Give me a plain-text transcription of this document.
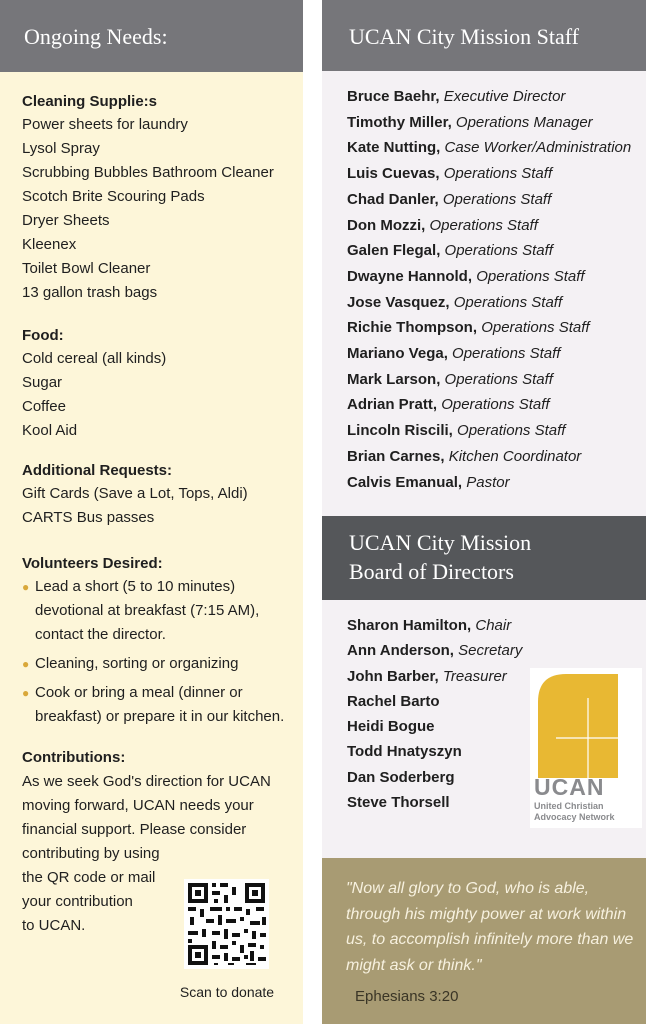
Ongoing Needs:
Cleaning Supplie:s
Power sheets for laundry
Lysol Spray
Scrubbing Bubbles Bathroom Cleaner
Scotch Brite Scouring Pads
Dryer Sheets
Kleenex
Toilet Bowl Cleaner
13 gallon trash bags
Food:
Cold cereal (all kinds)
Sugar
Coffee
Kool Aid
Additional Requests:
Gift Cards (Save a Lot, Tops, Aldi)
CARTS Bus passes
Volunteers Desired:
● Lead a short (5 to 10 minutes) devotional at breakfast (7:15 AM), contact the director.
● Cleaning, sorting or organizing
● Cook or bring a meal (dinner or breakfast) or prepare it in our kitchen.
Contributions:
As we seek God's direction for UCAN
moving forward, UCAN needs your
financial support. Please consider
contributing by using
the QR code or mail
your contribution
to UCAN.
Scan to donate
UCAN City Mission Staff
Bruce Baehr, Executive Director
Timothy Miller, Operations Manager
Kate Nutting, Case Worker/Administration
Luis Cuevas, Operations Staff
Chad Danler, Operations Staff
Don Mozzi, Operations Staff
Galen Flegal, Operations Staff
Dwayne Hannold, Operations Staff
Jose Vasquez, Operations Staff
Richie Thompson, Operations Staff
Mariano Vega, Operations Staff
Mark Larson, Operations Staff
Adrian Pratt, Operations Staff
Lincoln Riscili, Operations Staff
Brian Carnes, Kitchen Coordinator
Calvis Emanual, Pastor
UCAN City Mission
Board of Directors
Sharon Hamilton, Chair
Ann Anderson, Secretary
John Barber, Treasurer
Rachel Barto
Heidi Bogue
Todd Hnatyszyn
Dan Soderberg
Steve Thorsell
UCAN
United Christian
Advocacy Network
"Now all glory to God, who is able, through his mighty power at work within us, to accomplish infinitely more than we might ask or think."
Ephesians 3:20
